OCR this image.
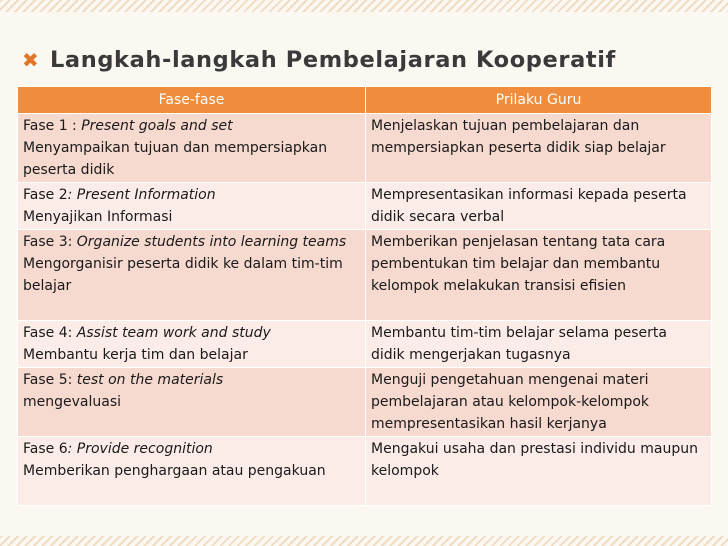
✖ Langkah-langkah Pembelajaran Kooperatif
Fase-fase	Prilaku Guru
Fase 1 : Present goals and set
Menyampaikan tujuan dan mempersiapkan peserta didik	Menjelaskan tujuan pembelajaran dan mempersiapkan peserta didik siap belajar
Fase 2: Present Information
Menyajikan Informasi	Mempresentasikan informasi kepada peserta didik secara verbal
Fase 3: Organize students into learning teams
Mengorganisir peserta didik ke dalam tim-tim belajar	Memberikan penjelasan tentang tata cara pembentukan tim belajar dan membantu kelompok melakukan transisi efisien
Fase 4: Assist team work and study
Membantu kerja tim dan belajar	Membantu tim-tim belajar selama peserta didik mengerjakan tugasnya
Fase 5: test on the materials
mengevaluasi	Menguji pengetahuan mengenai materi pembelajaran atau kelompok-kelompok mempresentasikan hasil kerjanya
Fase 6: Provide recognition
Memberikan penghargaan atau pengakuan	Mengakui usaha dan prestasi individu maupun kelompok
